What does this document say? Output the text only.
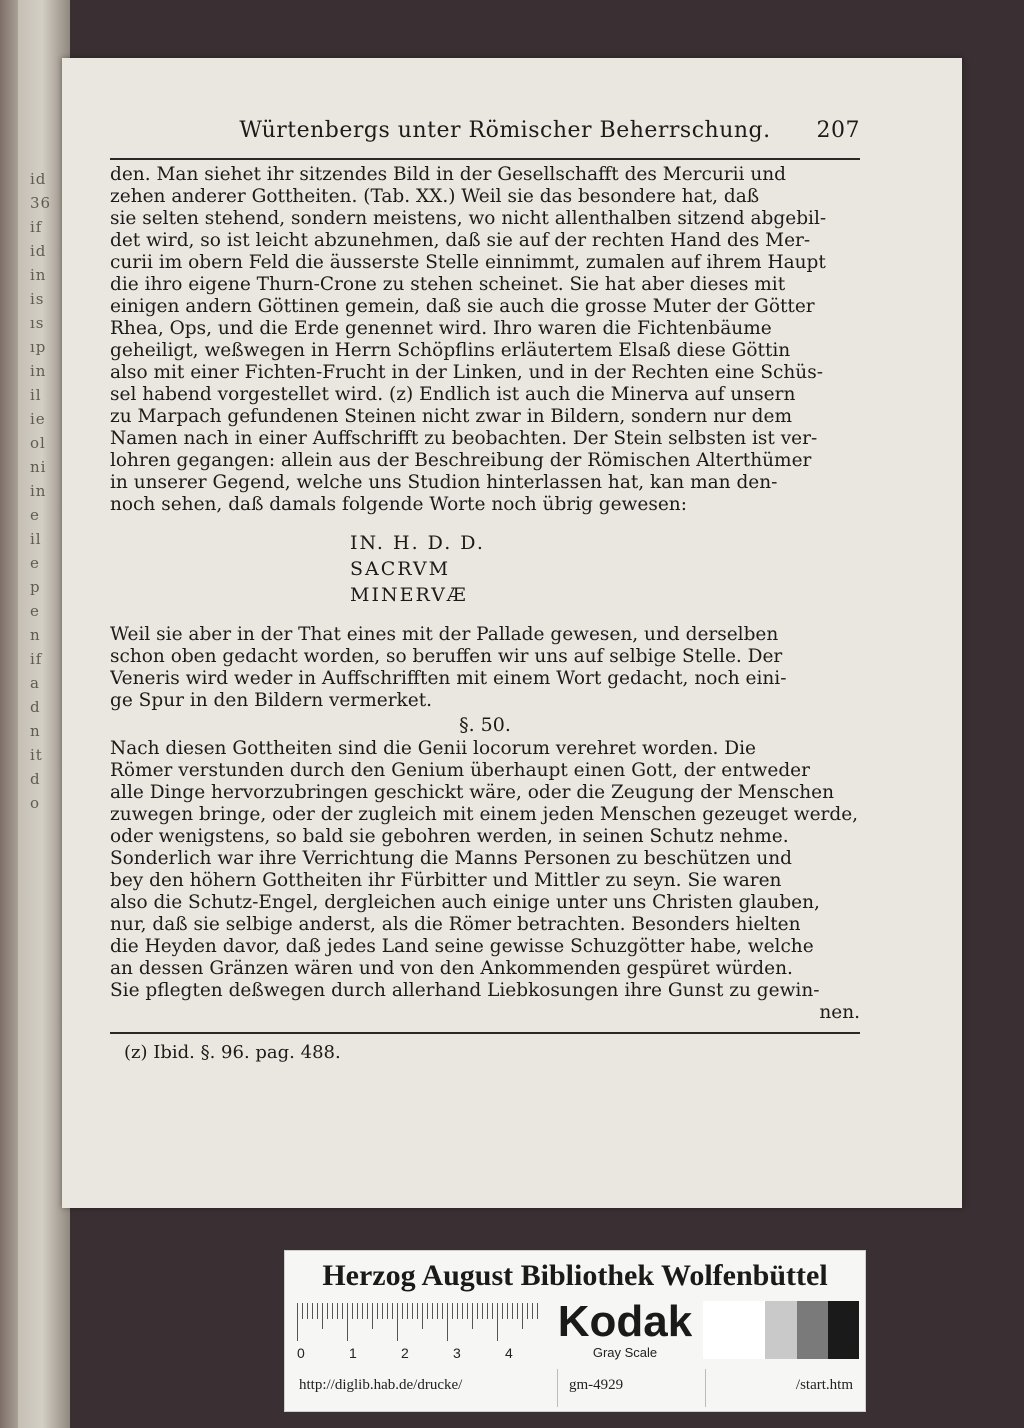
id
36
if
id
in
is
ıs
ıp
in
il
ie
ol
ni
in
e
il
e
p
e
n
if
a
d
n
it
d
o
Würtenbergs unter Römischer Beherrschung. 207
den. Man siehet ihr sitzendes Bild in der Gesellschafft des Mercurii und
zehen anderer Gottheiten. (Tab. XX.) Weil sie das besondere hat, daß
sie selten stehend, sondern meistens, wo nicht allenthalben sitzend abgebil-
det wird, so ist leicht abzunehmen, daß sie auf der rechten Hand des Mer-
curii im obern Feld die äusserste Stelle einnimmt, zumalen auf ihrem Haupt
die ihro eigene Thurn-Crone zu stehen scheinet. Sie hat aber dieses mit
einigen andern Göttinen gemein, daß sie auch die grosse Muter der Götter
Rhea, Ops, und die Erde genennet wird. Ihro waren die Fichtenbäume
geheiligt, weßwegen in Herrn Schöpflins erläutertem Elsaß diese Göttin
also mit einer Fichten-Frucht in der Linken, und in der Rechten eine Schüs-
sel habend vorgestellet wird. (z) Endlich ist auch die Minerva auf unsern
zu Marpach gefundenen Steinen nicht zwar in Bildern, sondern nur dem
Namen nach in einer Auffschrifft zu beobachten. Der Stein selbsten ist ver-
lohren gegangen: allein aus der Beschreibung der Römischen Alterthümer
in unserer Gegend, welche uns Studion hinterlassen hat, kan man den-
noch sehen, daß damals folgende Worte noch übrig gewesen:
IN. H. D. D.
SACRVM
MINERVÆ
Weil sie aber in der That eines mit der Pallade gewesen, und derselben
schon oben gedacht worden, so beruffen wir uns auf selbige Stelle. Der
Veneris wird weder in Auffschrifften mit einem Wort gedacht, noch eini-
ge Spur in den Bildern vermerket.
§. 50.
Nach diesen Gottheiten sind die Genii locorum verehret worden. Die
Römer verstunden durch den Genium überhaupt einen Gott, der entweder
alle Dinge hervorzubringen geschickt wäre, oder die Zeugung der Menschen
zuwegen bringe, oder der zugleich mit einem jeden Menschen gezeuget werde,
oder wenigstens, so bald sie gebohren werden, in seinen Schutz nehme.
Sonderlich war ihre Verrichtung die Manns Personen zu beschützen und
bey den höhern Gottheiten ihr Fürbitter und Mittler zu seyn. Sie waren
also die Schutz-Engel, dergleichen auch einige unter uns Christen glauben,
nur, daß sie selbige anderst, als die Römer betrachten. Besonders hielten
die Heyden davor, daß jedes Land seine gewisse Schuzgötter habe, welche
an dessen Gränzen wären und von den Ankommenden gespüret würden.
Sie pflegten deßwegen durch allerhand Liebkosungen ihre Gunst zu gewin-
nen.
(z) Ibid. §. 96. pag. 488.
Herzog August Bibliothek Wolfenbüttel
0	1	2	3	4
Kodak
Gray Scale
http://diglib.hab.de/drucke/	gm-4929	/start.htm
